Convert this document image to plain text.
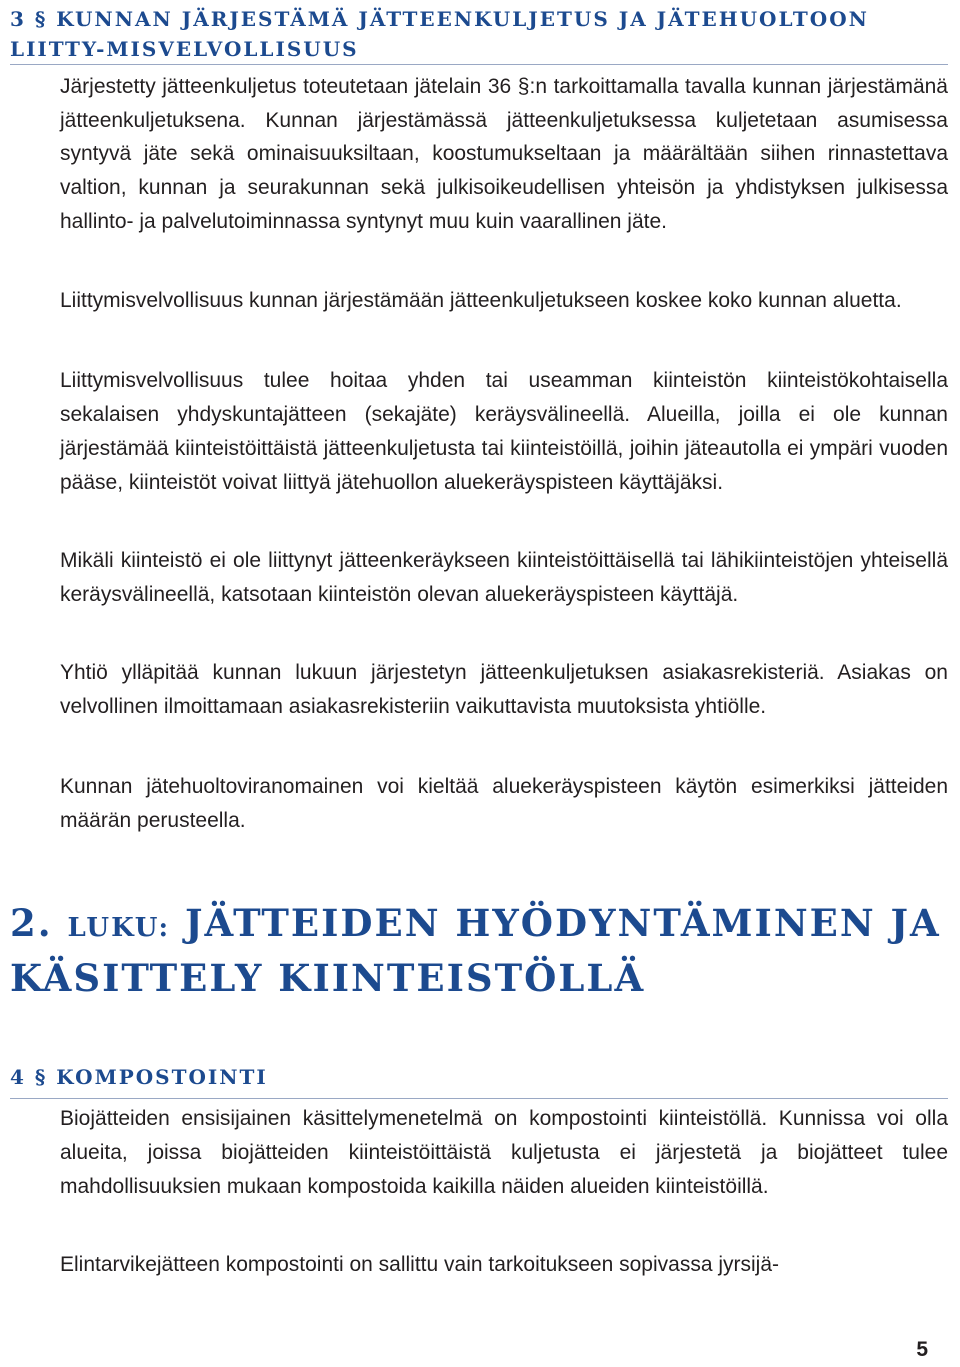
3 § KUNNAN JÄRJESTÄMÄ JÄTTEENKULJETUS JA JÄTEHUOLTOON LIITTY-MISVELVOLLISUUS

Järjestetty jätteenkuljetus toteutetaan jätelain 36 §:n tarkoittamalla tavalla kunnan järjestämänä jätteenkuljetuksena. Kunnan järjestämässä jätteenkuljetuksessa kuljetetaan asumisessa syntyvä jäte sekä ominaisuuksiltaan, koostumukseltaan ja määrältään siihen rinnastettava valtion, kunnan ja seurakunnan sekä julkisoikeudellisen yhteisön ja yhdistyksen julkisessa hallinto- ja palvelutoiminnassa syntynyt muu kuin vaarallinen jäte.

Liittymisvelvollisuus kunnan järjestämään jätteenkuljetukseen koskee koko kunnan aluetta.

Liittymisvelvollisuus tulee hoitaa yhden tai useamman kiinteistön kiinteistökohtaisella sekalaisen yhdyskuntajätteen (sekajäte) keräysvälineellä. Alueilla, joilla ei ole kunnan järjestämää kiinteistöittäistä jätteenkuljetusta tai kiinteistöillä, joihin jäteautolla ei ympäri vuoden pääse, kiinteistöt voivat liittyä jätehuollon aluekeräyspisteen käyttäjäksi.

Mikäli kiinteistö ei ole liittynyt jätteenkeräykseen kiinteistöittäisellä tai lähikiinteistöjen yhteisellä keräysvälineellä, katsotaan kiinteistön olevan aluekeräyspisteen käyttäjä.

Yhtiö ylläpitää kunnan lukuun järjestetyn jätteenkuljetuksen asiakasrekisteriä. Asiakas on velvollinen ilmoittamaan asiakasrekisteriin vaikuttavista muutoksista yhtiölle.

Kunnan jätehuoltoviranomainen voi kieltää aluekeräyspisteen käytön esimerkiksi jätteiden määrän perusteella.

2. LUKU: JÄTTEIDEN HYÖDYNTÄMINEN JA KÄSITTELY KIINTEISTÖLLÄ
4 § KOMPOSTOINTI

Biojätteiden ensisijainen käsittelymenetelmä on kompostointi kiinteistöllä. Kunnissa voi olla alueita, joissa biojätteiden kiinteistöittäistä kuljetusta ei järjestetä ja biojätteet tulee mahdollisuuksien mukaan kompostoida kaikilla näiden alueiden kiinteistöillä.

Elintarvikejätteen kompostointi on sallittu vain tarkoitukseen sopivassa jyrsijä-

5
